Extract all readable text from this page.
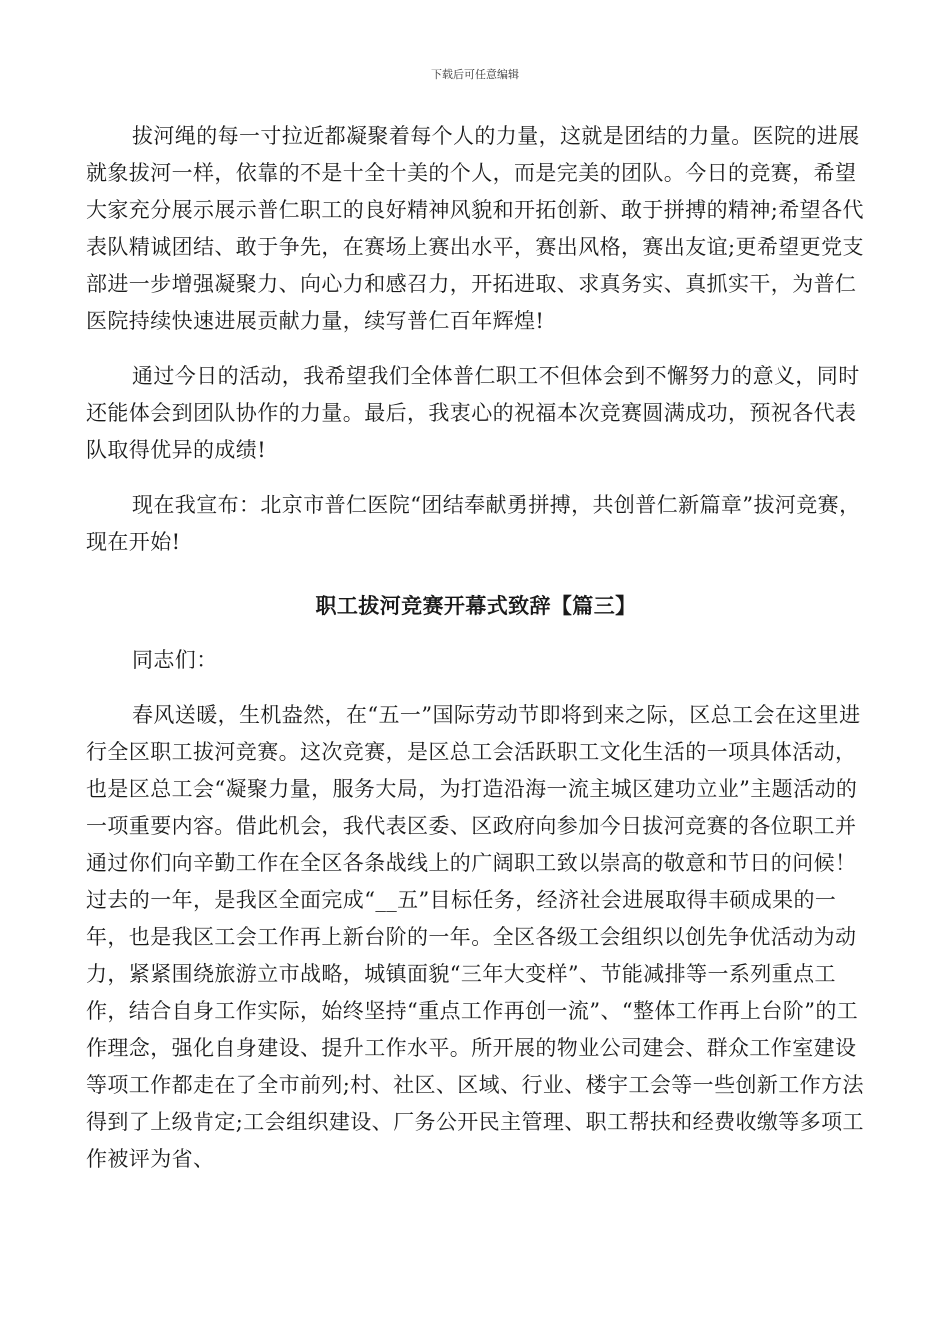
下载后可任意编辑

拔河绳的每一寸拉近都凝聚着每个人的力量，这就是团结的力量。医院的进展就象拔河一样，依靠的不是十全十美的个人，而是完美的团队。今日的竞赛，希望大家充分展示展示普仁职工的良好精神风貌和开拓创新、敢于拼搏的精神;希望各代表队精诚团结、敢于争先，在赛场上赛出水平，赛出风格，赛出友谊;更希望更党支部进一步增强凝聚力、向心力和感召力，开拓进取、求真务实、真抓实干，为普仁医院持续快速进展贡献力量，续写普仁百年辉煌!

通过今日的活动，我希望我们全体普仁职工不但体会到不懈努力的意义，同时还能体会到团队协作的力量。最后，我衷心的祝福本次竞赛圆满成功，预祝各代表队取得优异的成绩!

现在我宣布：北京市普仁医院“团结奉献勇拼搏，共创普仁新篇章”拔河竞赛，现在开始!

职工拔河竞赛开幕式致辞【篇三】

同志们：

春风送暖，生机盎然，在“五一”国际劳动节即将到来之际，区总工会在这里进行全区职工拔河竞赛。这次竞赛，是区总工会活跃职工文化生活的一项具体活动，也是区总工会“凝聚力量，服务大局，为打造沿海一流主城区建功立业”主题活动的一项重要内容。借此机会，我代表区委、区政府向参加今日拔河竞赛的各位职工并通过你们向辛勤工作在全区各条战线上的广阔职工致以崇高的敬意和节日的问候！过去的一年，是我区全面完成“__五”目标任务，经济社会进展取得丰硕成果的一年，也是我区工会工作再上新台阶的一年。全区各级工会组织以创先争优活动为动力，紧紧围绕旅游立市战略，城镇面貌“三年大变样”、节能减排等一系列重点工作，结合自身工作实际，始终坚持“重点工作再创一流”、“整体工作再上台阶”的工作理念，强化自身建设、提升工作水平。所开展的物业公司建会、群众工作室建设等项工作都走在了全市前列;村、社区、区域、行业、楼宇工会等一些创新工作方法得到了上级肯定;工会组织建设、厂务公开民主管理、职工帮扶和经费收缴等多项工作被评为省、
